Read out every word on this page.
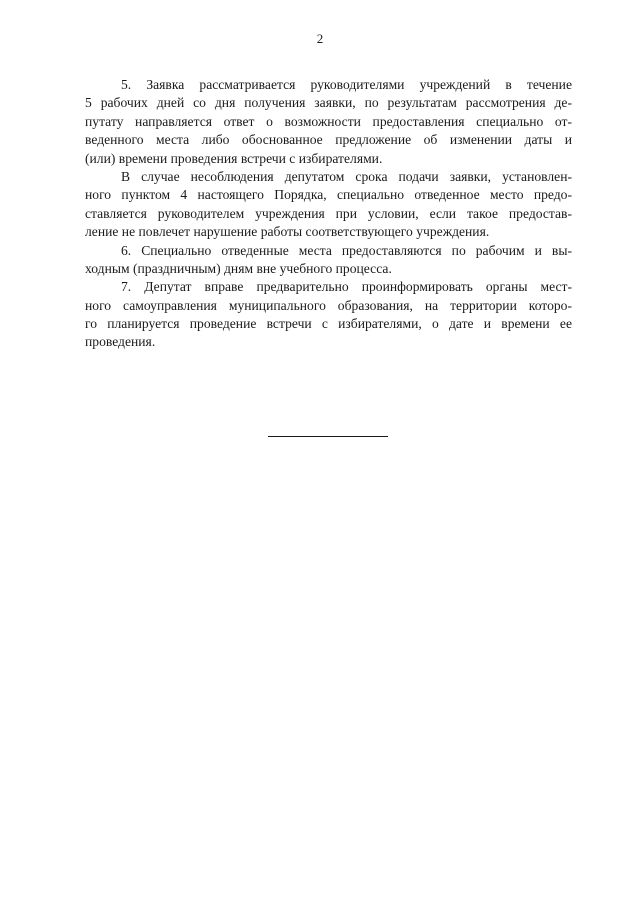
2
5. Заявка рассматривается руководителями учреждений в течение
5 рабочих дней со дня получения заявки, по результатам рассмотрения де-
путату направляется ответ о возможности предоставления специально от-
веденного места либо обоснованное предложение об изменении даты и
(или) времени проведения встречи с избирателями.
В случае несоблюдения депутатом срока подачи заявки, установлен-
ного пунктом 4 настоящего Порядка, специально отведенное место предо-
ставляется руководителем учреждения при условии, если такое предостав-
ление не повлечет нарушение работы соответствующего учреждения.
6. Специально отведенные места предоставляются по рабочим и вы-
ходным (праздничным) дням вне учебного процесса.
7. Депутат вправе предварительно проинформировать органы мест-
ного самоуправления муниципального образования, на территории которо-
го планируется проведение встречи с избирателями, о дате и времени ее
проведения.
